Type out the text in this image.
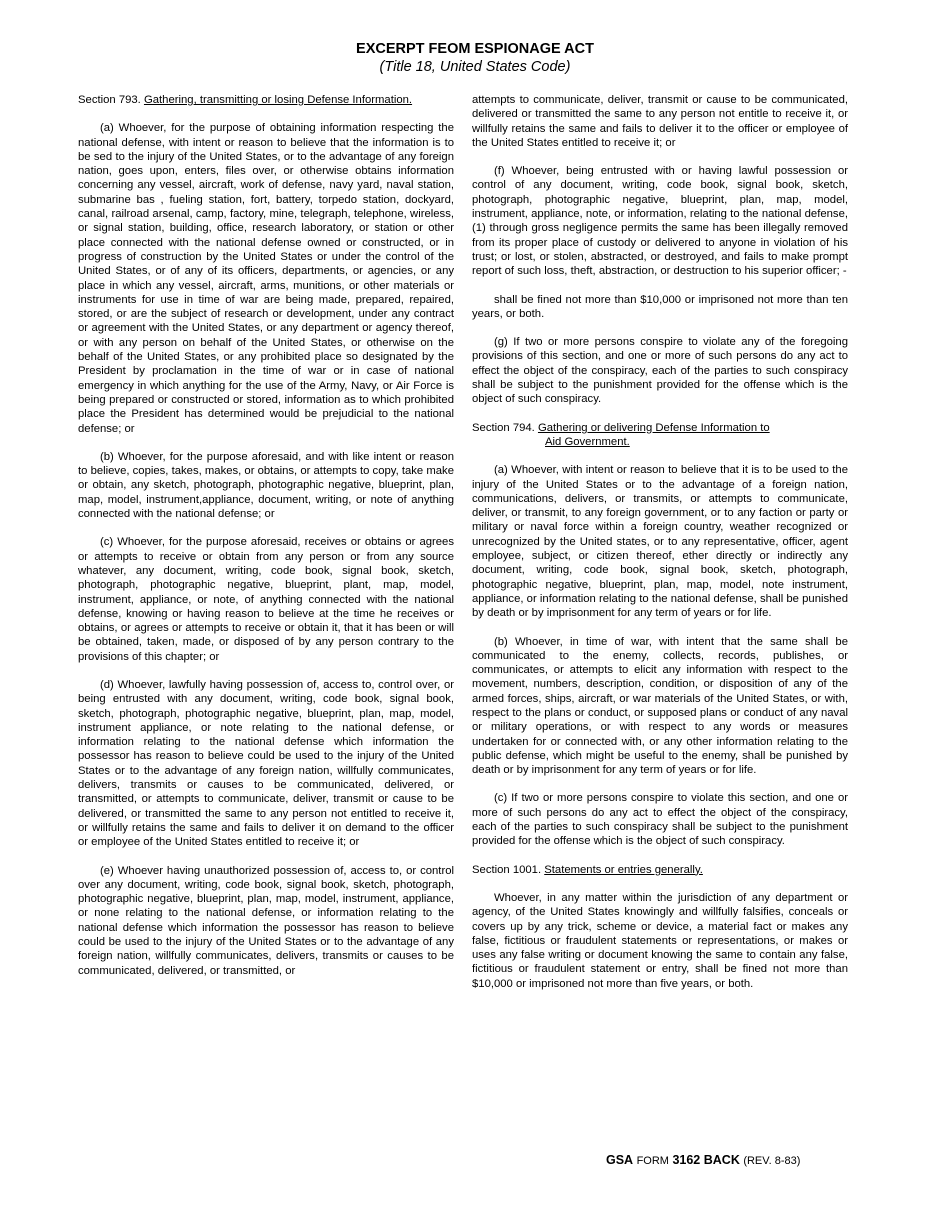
EXCERPT FEOM ESPIONAGE ACT
(Title 18, United States Code)
Section 793. Gathering, transmitting or losing Defense Information.

(a) Whoever, for the purpose of obtaining information respecting the national defense, with intent or reason to believe that the information is to be sed to the injury of the United States, or to the advantage of any foreign nation, goes upon, enters, files over, or otherwise obtains information concerning any vessel, aircraft, work of defense, navy yard, naval station, submarine bas , fueling station, fort, battery, torpedo station, dockyard, canal, railroad arsenal, camp, factory, mine, telegraph, telephone, wireless, or signal station, building, office, research laboratory, or station or other place connected with the national defense owned or constructed, or in progress of construction by the United States or under the control of the United States, or of any of its officers, departments, or agencies, or any place in which any vessel, aircraft, arms, munitions, or other materials or instruments for use in time of war are being made, prepared, repaired, stored, or are the subject of research or development, under any contract or agreement with the United States, or any department or agency thereof, or with any person on behalf of the United States, or otherwise on the behalf of the United States, or any prohibited place so designated by the President by proclamation in the time of war or in case of national emergency in which anything for the use of the Army, Navy, or Air Force is being prepared or constructed or stored, information as to which prohibited place the President has determined would be prejudicial to the national defense; or

(b) Whoever, for the purpose aforesaid, and with like intent or reason to believe, copies, takes, makes, or obtains, or attempts to copy, take make or obtain, any sketch, photograph, photographic negative, blueprint, plan, map, model, instrument,appliance, document, writing, or note of anything connected with the national defense; or

(c) Whoever, for the purpose aforesaid, receives or obtains or agrees or attempts to receive or obtain from any person or from any source whatever, any document, writing, code book, signal book, sketch, photograph, photographic negative, blueprint, plant, map, model, instrument, appliance, or note, of anything connected with the national defense, knowing or having reason to believe at the time he receives or obtains, or agrees or attempts to receive or obtain it, that it has been or will be obtained, taken, made, or disposed of by any person contrary to the provisions of this chapter; or

(d) Whoever, lawfully having possession of, access to, control over, or being entrusted with any document, writing, code book, signal book, sketch, photograph, photographic negative, blueprint, plan, map, model, instrument appliance, or note relating to the national defense, or information relating to the national defense which information the possessor has reason to believe could be used to the injury of the United States or to the advantage of any foreign nation, willfully communicates, delivers, transmits or causes to be communicated, delivered, or transmitted, or attempts to communicate, deliver, transmit or cause to be delivered, or transmitted the same to any person not entitled to receive it, or willfully retains the same and fails to deliver it on demand to the officer or employee of the United States entitled to receive it; or

(e) Whoever having unauthorized possession of, access to, or control over any document, writing, code book, signal book, sketch, photograph, photographic negative, blueprint, plan, map, model, instrument, appliance, or none relating to the national defense, or information relating to the national defense which information the possessor has reason to believe could be used to the injury of the United States or to the advantage of any foreign nation, willfully communicates, delivers, transmits or causes to be communicated, delivered, or transmitted, or

attempts to communicate, deliver, transmit or cause to be communicated, delivered or transmitted the same to any person not entitle to receive it, or willfully retains the same and fails to deliver it to the officer or employee of the United States entitled to receive it; or

(f) Whoever, being entrusted with or having lawful possession or control of any document, writing, code book, signal book, sketch, photograph, photographic negative, blueprint, plan, map, model, instrument, appliance, note, or information, relating to the national defense, (1) through gross negligence permits the same has been illegally removed from its proper place of custody or delivered to anyone in violation of his trust; or lost, or stolen, abstracted, or destroyed, and fails to make prompt report of such loss, theft, abstraction, or destruction to his superior officer; -

shall be fined not more than $10,000 or imprisoned not more than ten years, or both.

(g) If two or more persons conspire to violate any of the foregoing provisions of this section, and one or more of such persons do any act to effect the object of the conspiracy, each of the parties to such conspiracy shall be subject to the punishment provided for the offense which is the object of such conspiracy.

Section 794. Gathering or delivering Defense Information to
Aid Government.

(a) Whoever, with intent or reason to believe that it is to be used to the injury of the United States or to the advantage of a foreign nation, communications, delivers, or transmits, or attempts to communicate, deliver, or transmit, to any foreign government, or to any faction or party or military or naval force within a foreign country, weather recognized or unrecognized by the United states, or to any representative, officer, agent employee, subject, or citizen thereof, ether directly or indirectly any document, writing, code book, signal book, sketch, photograph, photographic negative, blueprint, plan, map, model, note instrument, appliance, or information relating to the national defense, shall be punished by death or by imprisonment for any term of years or for life.

(b) Whoever, in time of war, with intent that the same shall be communicated to the enemy, collects, records, publishes, or communicates, or attempts to elicit any information with respect to the movement, numbers, description, condition, or disposition of any of the armed forces, ships, aircraft, or war materials of the United States, or with, respect to the plans or conduct, or supposed plans or conduct of any naval or military operations, or with respect to any words or measures undertaken for or connected with, or any other information relating to the public defense, which might be useful to the enemy, shall be punished by death or by imprisonment for any term of years or for life.

(c) If two or more persons conspire to violate this section, and one or more of such persons do any act to effect the object of the conspiracy, each of the parties to such conspiracy shall be subject to the punishment provided for the offense which is the object of such conspiracy.

Section 1001. Statements or entries generally.

Whoever, in any matter within the jurisdiction of any department or agency, of the United States knowingly and willfully falsifies, conceals or covers up by any trick, scheme or device, a material fact or makes any false, fictitious or fraudulent statements or representations, or makes or uses any false writing or document knowing the same to contain any false, fictitious or fraudulent statement or entry, shall be fined not more than $10,000 or imprisoned not more than five years, or both.

GSA FORM 3162 BACK (REV. 8-83)
